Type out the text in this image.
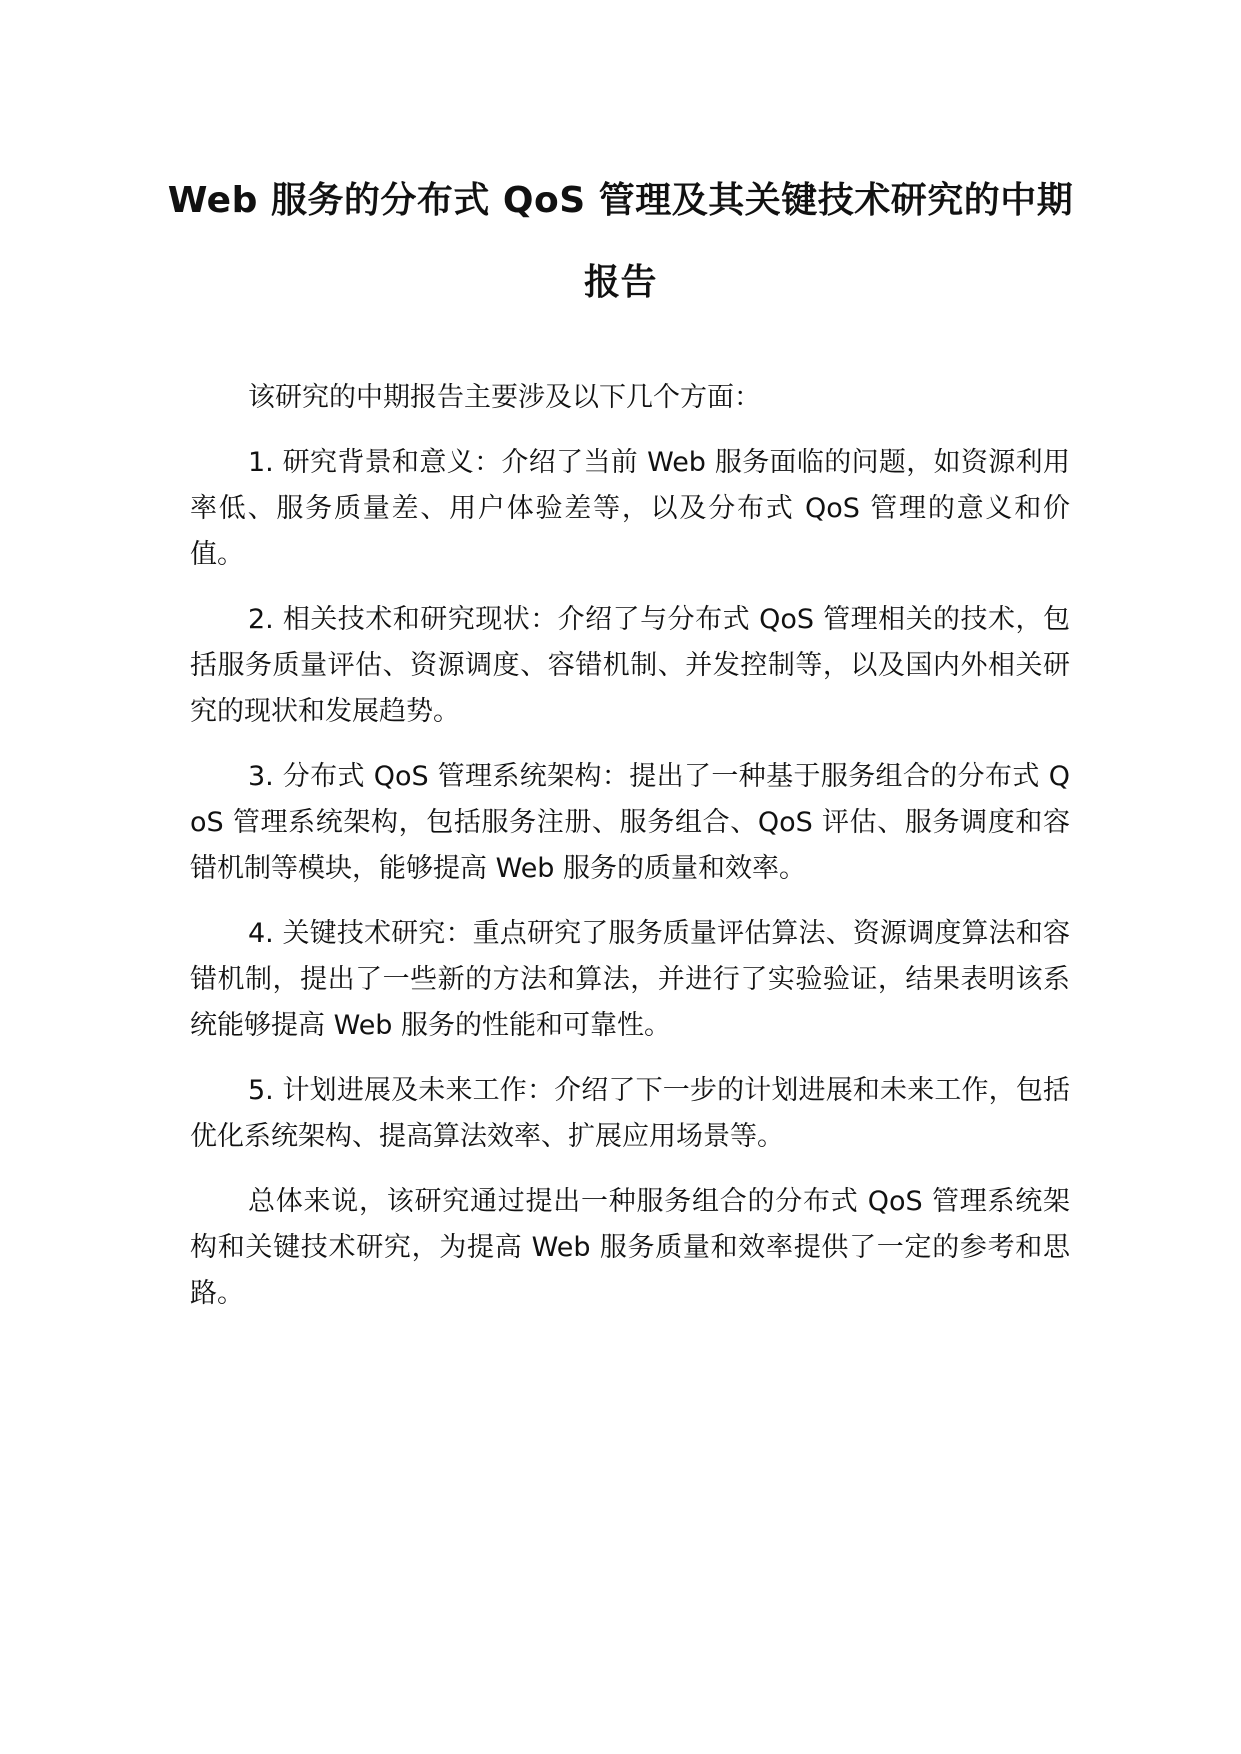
Web 服务的分布式 QoS 管理及其关键技术研究的中期报告

该研究的中期报告主要涉及以下几个方面：

1. 研究背景和意义：介绍了当前 Web 服务面临的问题，如资源利用率低、服务质量差、用户体验差等，以及分布式 QoS 管理的意义和价值。

2. 相关技术和研究现状：介绍了与分布式 QoS 管理相关的技术，包括服务质量评估、资源调度、容错机制、并发控制等，以及国内外相关研究的现状和发展趋势。

3. 分布式 QoS 管理系统架构：提出了一种基于服务组合的分布式 QoS 管理系统架构，包括服务注册、服务组合、QoS 评估、服务调度和容错机制等模块，能够提高 Web 服务的质量和效率。

4. 关键技术研究：重点研究了服务质量评估算法、资源调度算法和容错机制，提出了一些新的方法和算法，并进行了实验验证，结果表明该系统能够提高 Web 服务的性能和可靠性。

5. 计划进展及未来工作：介绍了下一步的计划进展和未来工作，包括优化系统架构、提高算法效率、扩展应用场景等。

总体来说，该研究通过提出一种服务组合的分布式 QoS 管理系统架构和关键技术研究，为提高 Web 服务质量和效率提供了一定的参考和思路。
